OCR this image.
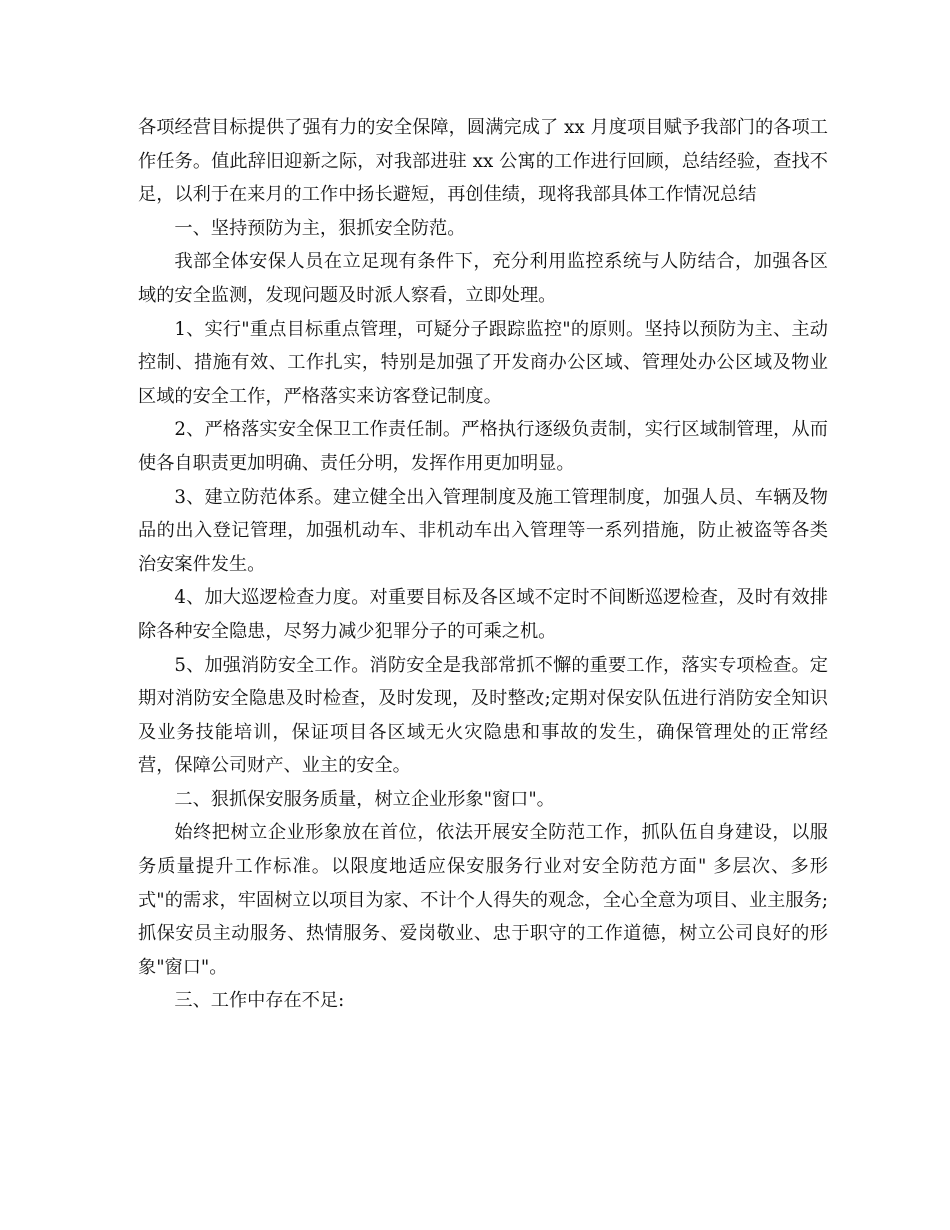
各项经营目标提供了强有力的安全保障，圆满完成了 xx 月度项目赋予我部门的各项工作任务。值此辞旧迎新之际，对我部进驻 xx 公寓的工作进行回顾，总结经验，查找不足，以利于在来月的工作中扬长避短，再创佳绩，现将我部具体工作情况总结

一、坚持预防为主，狠抓安全防范。

我部全体安保人员在立足现有条件下，充分利用监控系统与人防结合，加强各区域的安全监测，发现问题及时派人察看，立即处理。

1、实行"重点目标重点管理，可疑分子跟踪监控"的原则。坚持以预防为主、主动控制、措施有效、工作扎实，特别是加强了开发商办公区域、管理处办公区域及物业区域的安全工作，严格落实来访客登记制度。

2、严格落实安全保卫工作责任制。严格执行逐级负责制，实行区域制管理，从而使各自职责更加明确、责任分明，发挥作用更加明显。

3、建立防范体系。建立健全出入管理制度及施工管理制度，加强人员、车辆及物品的出入登记管理，加强机动车、非机动车出入管理等一系列措施，防止被盗等各类治安案件发生。

4、加大巡逻检查力度。对重要目标及各区域不定时不间断巡逻检查，及时有效排除各种安全隐患，尽努力减少犯罪分子的可乘之机。

5、加强消防安全工作。消防安全是我部常抓不懈的重要工作，落实专项检查。定期对消防安全隐患及时检查，及时发现，及时整改;定期对保安队伍进行消防安全知识及业务技能培训，保证项目各区域无火灾隐患和事故的发生，确保管理处的正常经营，保障公司财产、业主的安全。

二、狠抓保安服务质量，树立企业形象"窗口"。

始终把树立企业形象放在首位，依法开展安全防范工作，抓队伍自身建设，以服务质量提升工作标准。以限度地适应保安服务行业对安全防范方面" 多层次、多形式"的需求，牢固树立以项目为家、不计个人得失的观念，全心全意为项目、业主服务;抓保安员主动服务、热情服务、爱岗敬业、忠于职守的工作道德，树立公司良好的形象"窗口"。

三、工作中存在不足:
